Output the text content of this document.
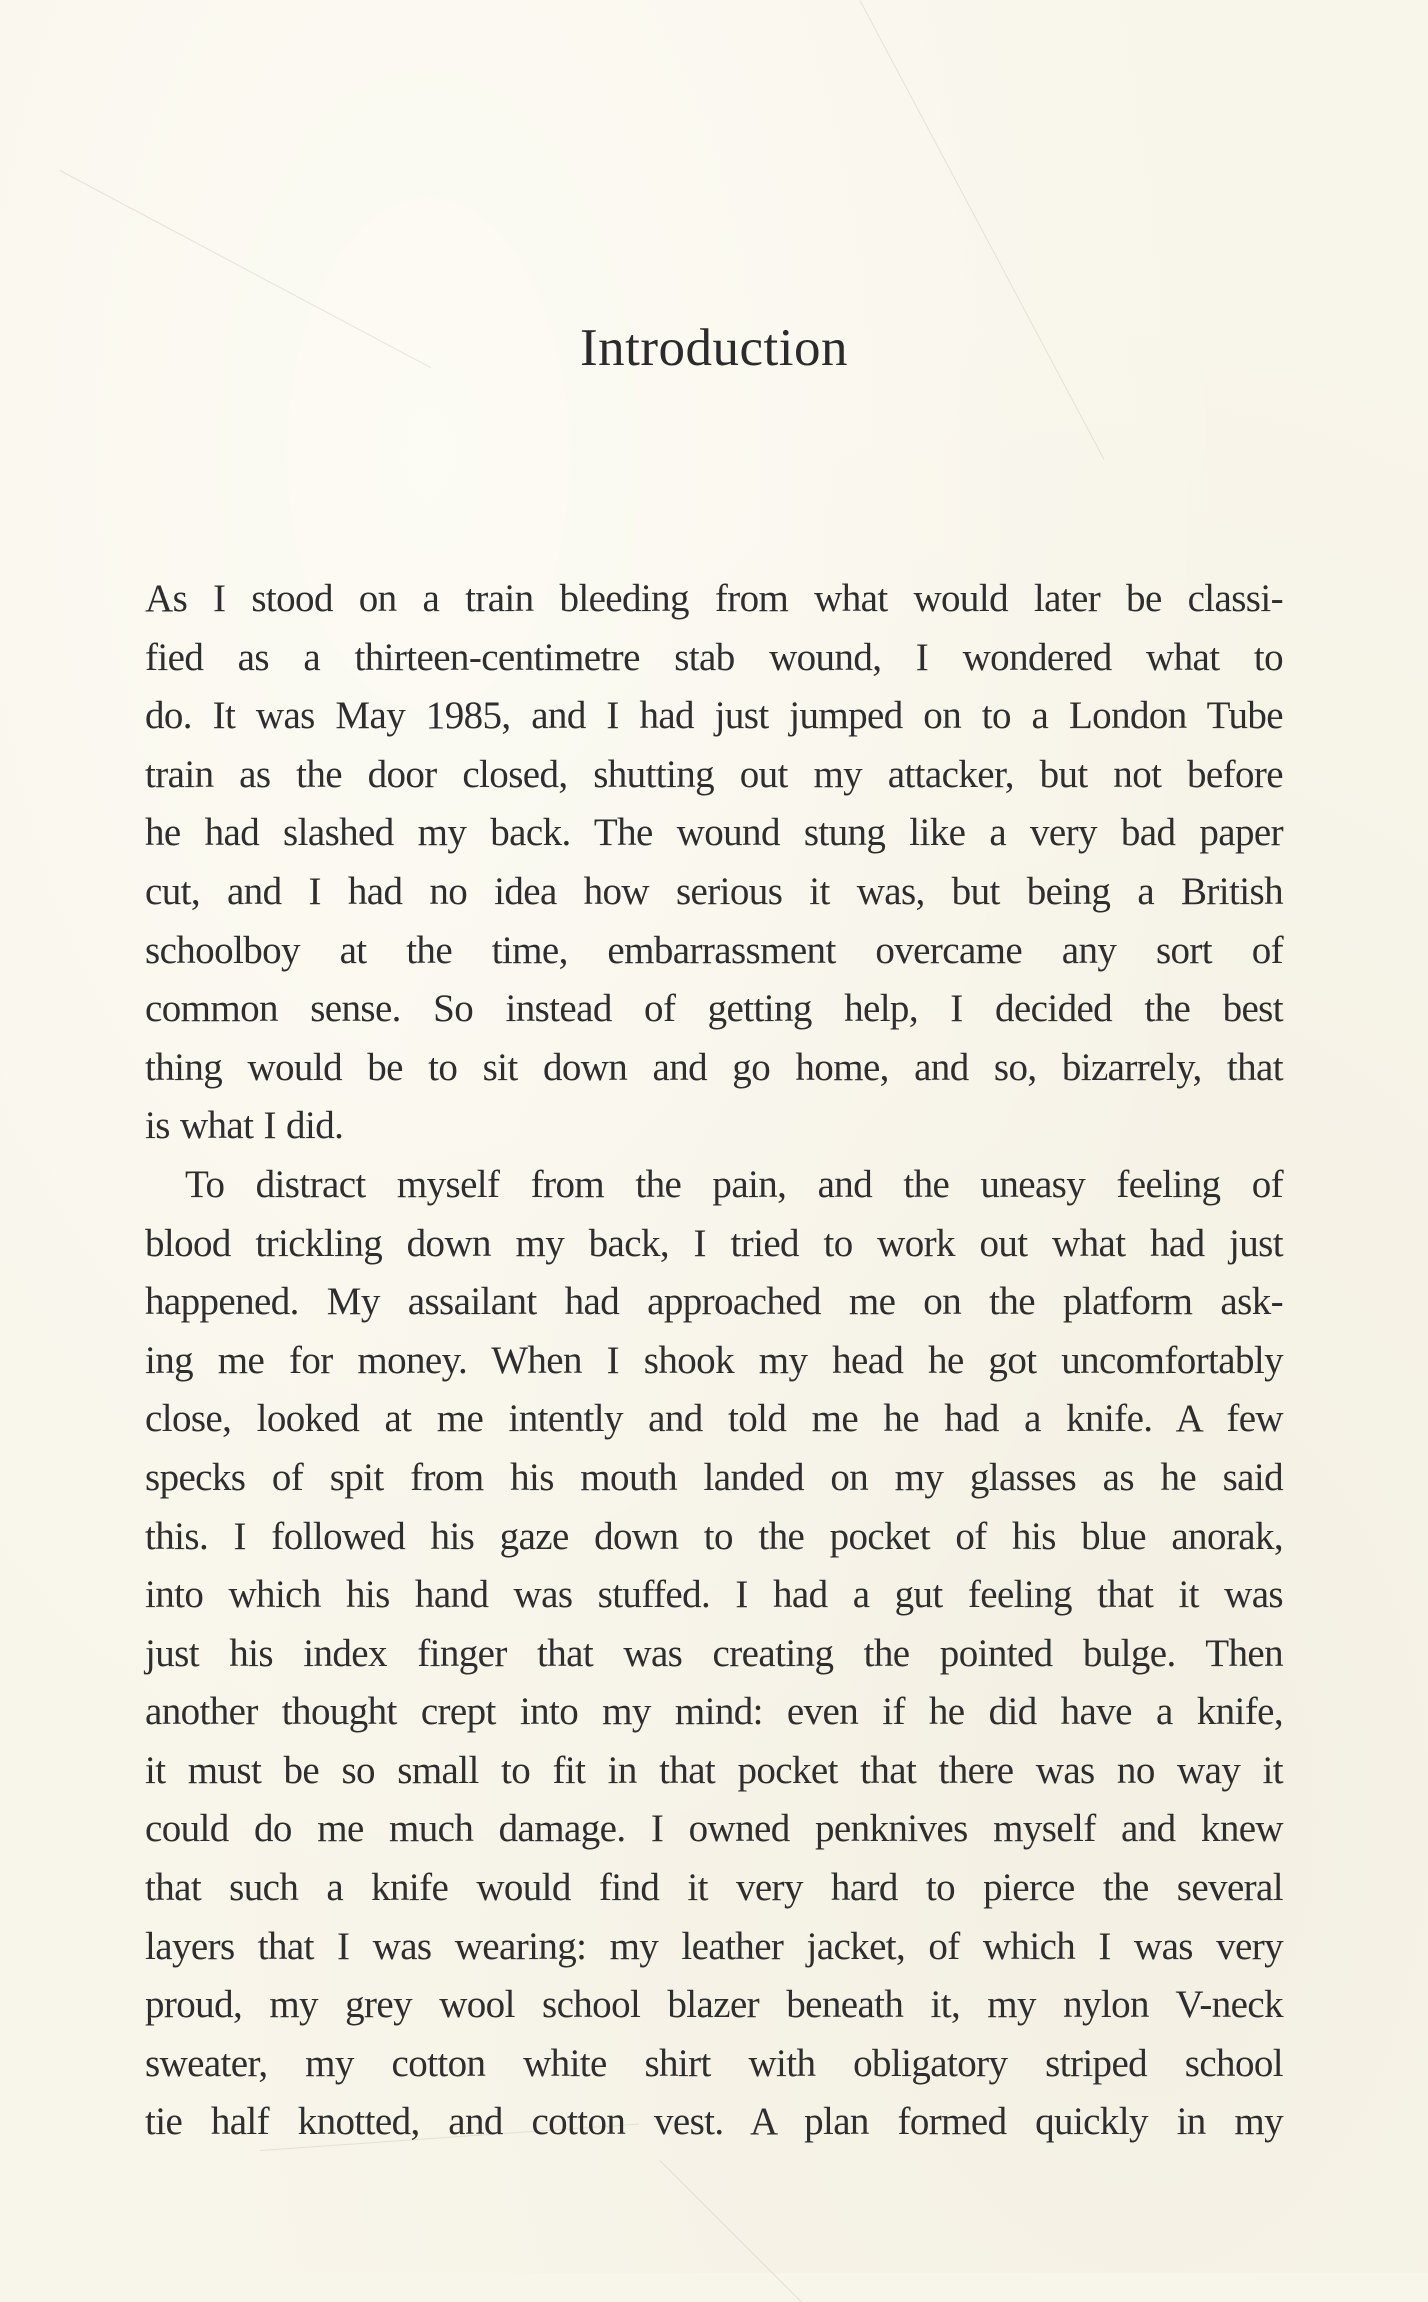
Introduction
As I stood on a train bleeding from what would later be classi-
fied as a thirteen-centimetre stab wound, I wondered what to
do. It was May 1985, and I had just jumped on to a London Tube
train as the door closed, shutting out my attacker, but not before
he had slashed my back. The wound stung like a very bad paper
cut, and I had no idea how serious it was, but being a British
schoolboy at the time, embarrassment overcame any sort of
common sense. So instead of getting help, I decided the best
thing would be to sit down and go home, and so, bizarrely, that
is what I did.
To distract myself from the pain, and the uneasy feeling of
blood trickling down my back, I tried to work out what had just
happened. My assailant had approached me on the platform ask-
ing me for money. When I shook my head he got uncomfortably
close, looked at me intently and told me he had a knife. A few
specks of spit from his mouth landed on my glasses as he said
this. I followed his gaze down to the pocket of his blue anorak,
into which his hand was stuffed. I had a gut feeling that it was
just his index finger that was creating the pointed bulge. Then
another thought crept into my mind: even if he did have a knife,
it must be so small to fit in that pocket that there was no way it
could do me much damage. I owned penknives myself and knew
that such a knife would find it very hard to pierce the several
layers that I was wearing: my leather jacket, of which I was very
proud, my grey wool school blazer beneath it, my nylon V-neck
sweater, my cotton white shirt with obligatory striped school
tie half knotted, and cotton vest. A plan formed quickly in my
